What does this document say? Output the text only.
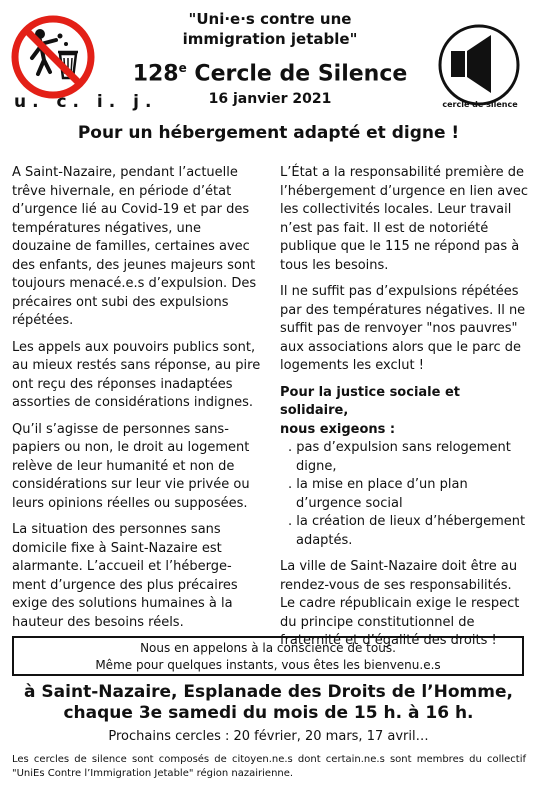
u. c. i. j.
"Uni·e·s contre une
immigration jetable"
128e Cercle de Silence
16 janvier 2021	cercle de silence
Pour un hébergement adapté et digne !

A Saint-Nazaire, pendant l’actuelle trêve hivernale, en période d’état d’urgence lié au Covid-19 et par des températures négatives, une douzaine de familles, certaines avec des enfants, des jeunes majeurs sont toujours menacé.e.s d’expulsion. Des précaires ont subi des expulsions répétées.

Les appels aux pouvoirs publics sont, au mieux restés sans réponse, au pire ont reçu des réponses inadaptées assorties de considérations indignes.

Qu’il s’agisse de personnes sans-papiers ou non, le droit au logement relève de leur humanité et non de considérations sur leur vie privée ou leurs opinions réelles ou supposées.

La situation des personnes sans domicile fixe à Saint-Nazaire est alarmante. L’accueil et l’héberge-ment d’urgence des plus précaires exige des solutions humaines à la hauteur des besoins réels.

L’État a la responsabilité première de l’hébergement d’urgence en lien avec les collectivités locales. Leur travail n’est pas fait. Il est de notoriété publique que le 115 ne répond pas à tous les besoins.

Il ne suffit pas d’expulsions répétées par des températures négatives. Il ne suffit pas de renvoyer "nos pauvres" aux associations alors que le parc de logements les exclut !

Pour la justice sociale et solidaire,
nous exigeons :
. pas d’expulsion sans relogement digne,
. la mise en place d’un plan d’urgence social
. la création de lieux d’hébergement adaptés.

La ville de Saint-Nazaire doit être au rendez-vous de ses responsabilités. Le cadre républicain exige le respect du principe constitutionnel de fraternité et d’égalité des droits !

Nous en appelons à la conscience de tous.
Même pour quelques instants, vous êtes les bienvenu.e.s
à Saint-Nazaire, Esplanade des Droits de l’Homme,
chaque 3e samedi du mois de 15 h. à 16 h.
Prochains cercles : 20 février, 20 mars, 17 avril…
Les cercles de silence sont composés de citoyen.ne.s dont certain.ne.s sont membres du collectif "UniEs Contre l’Immigration Jetable" région nazairienne.
